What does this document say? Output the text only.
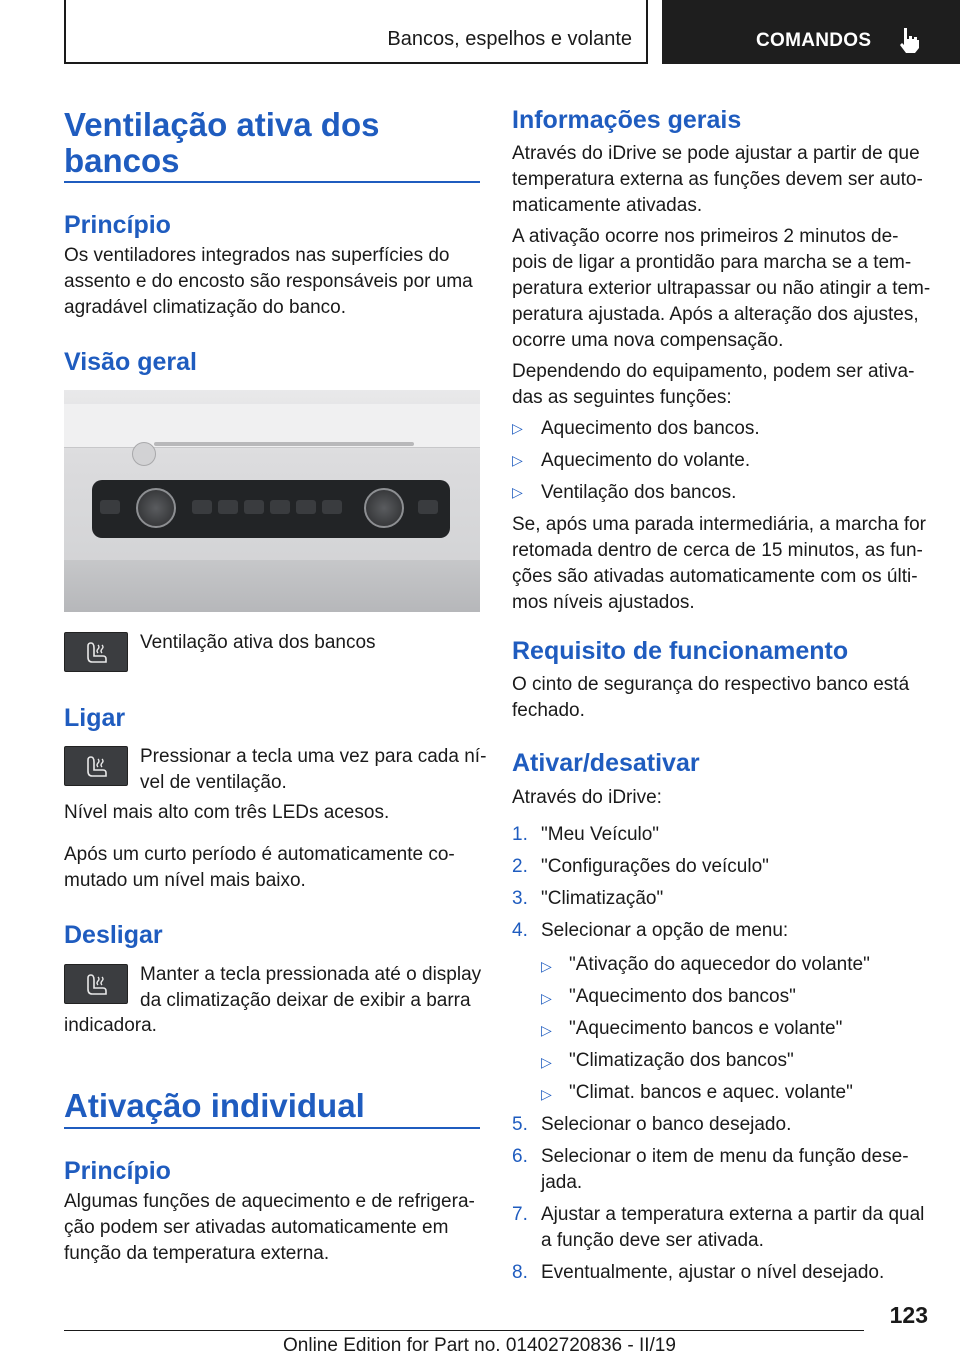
Bancos, espelhos e volante	COMANDOS
Ventilação ativa dos
bancos
Princípio

Os ventiladores integrados nas superfícies do

assento e do encosto são responsáveis por uma

agradável climatização do banco.

Visão geral

Ventilação ativa dos bancos

Ligar

Pressionar a tecla uma vez para cada ní-

vel de ventilação.

Nível mais alto com três LEDs acesos.

Após um curto período é automaticamente co-

mutado um nível mais baixo.

Desligar

Manter a tecla pressionada até o display

da climatização deixar de exibir a barra

indicadora.

Ativação individual
Princípio

Algumas funções de aquecimento e de refrigera-

ção podem ser ativadas automaticamente em

função da temperatura externa.

Informações gerais

Através do iDrive se pode ajustar a partir de que

temperatura externa as funções devem ser auto-

maticamente ativadas.

A ativação ocorre nos primeiros 2 minutos de-

pois de ligar a prontidão para marcha se a tem-

peratura exterior ultrapassar ou não atingir a tem-

peratura ajustada. Após a alteração dos ajustes,

ocorre uma nova compensação.

Dependendo do equipamento, podem ser ativa-

das as seguintes funções:

▷ Aquecimento dos bancos.

▷ Aquecimento do volante.

▷ Ventilação dos bancos.

Se, após uma parada intermediária, a marcha for

retomada dentro de cerca de 15 minutos, as fun-

ções são ativadas automaticamente com os últi-

mos níveis ajustados.

Requisito de funcionamento

O cinto de segurança do respectivo banco está

fechado.

Ativar/desativar

Através do iDrive:

1. "Meu Veículo"

2. "Configurações do veículo"

3. "Climatização"

4. Selecionar a opção de menu:

▷ "Ativação do aquecedor do volante"

▷ "Aquecimento dos bancos"

▷ "Aquecimento bancos e volante"

▷ "Climatização dos bancos"

▷ "Climat. bancos e aquec. volante"

5. Selecionar o banco desejado.

6. Selecionar o item de menu da função dese-

jada.

7. Ajustar a temperatura externa a partir da qual

a função deve ser ativada.

8. Eventualmente, ajustar o nível desejado.

123
Online Edition for Part no. 01402720836 - II/19
